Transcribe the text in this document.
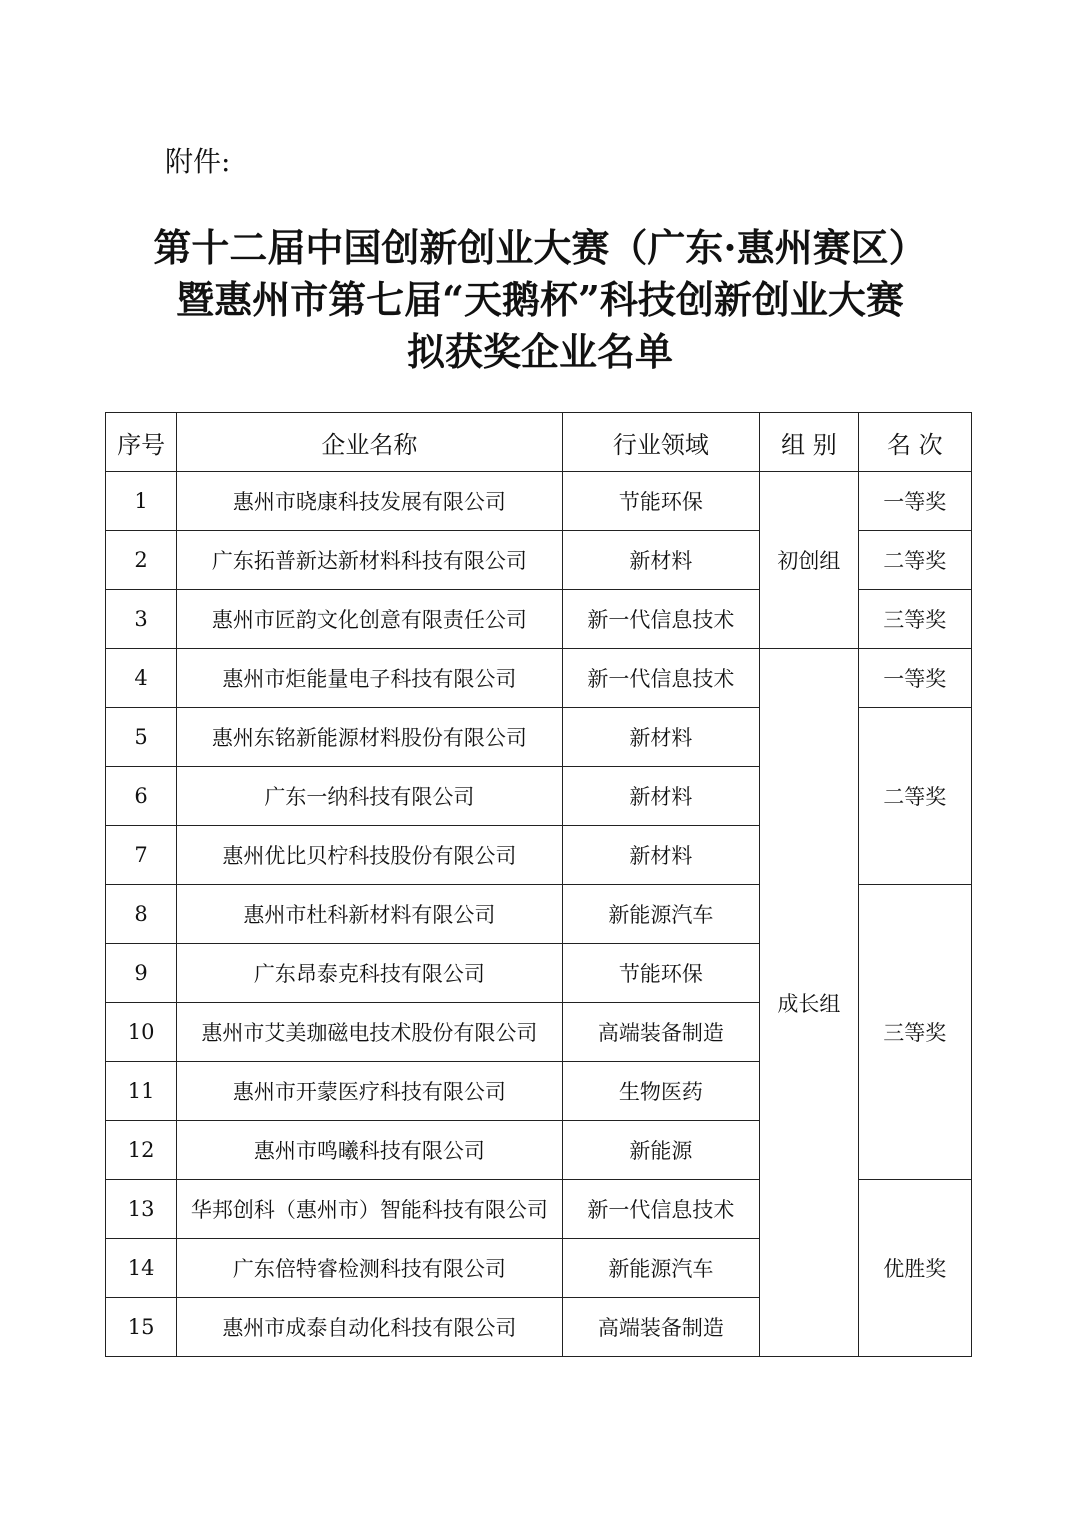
附件:
第十二届中国创新创业大赛（广东·惠州赛区）
暨惠州市第七届“天鹅杯”科技创新创业大赛
拟获奖企业名单
序号	企业名称	行业领域	组 别	名 次
1	惠州市晓康科技发展有限公司	节能环保	初创组	一等奖
2	广东拓普新达新材料科技有限公司	新材料		二等奖
3	惠州市匠韵文化创意有限责任公司	新一代信息技术		三等奖
4	惠州市炬能量电子科技有限公司	新一代信息技术	成长组	一等奖
5	惠州东铭新能源材料股份有限公司	新材料		二等奖
6	广东一纳科技有限公司	新材料		
7	惠州优比贝柠科技股份有限公司	新材料		
8	惠州市杜科新材料有限公司	新能源汽车		三等奖
9	广东昂泰克科技有限公司	节能环保		
10	惠州市艾美珈磁电技术股份有限公司	高端装备制造		
11	惠州市开蒙医疗科技有限公司	生物医药		
12	惠州市鸣曦科技有限公司	新能源		
13	华邦创科（惠州市）智能科技有限公司	新一代信息技术		优胜奖
14	广东倍特睿检测科技有限公司	新能源汽车		
15	惠州市成泰自动化科技有限公司	高端装备制造		
